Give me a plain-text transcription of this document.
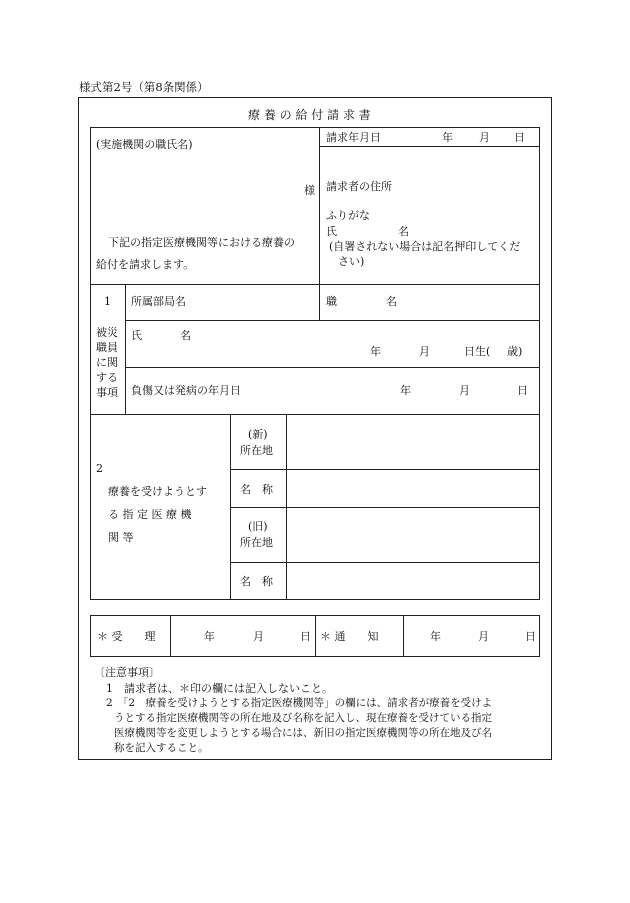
様式第2号（第8条関係）
療 養 の 給 付 請 求 書
(実施機関の職氏名)
様
下記の指定医療機関等における療養の
給付を請求します。
請求年月日	年 月 日
請求者の住所
ふりがな
氏	名
(自署されない場合は記名押印してくだ
さい)
1
被災
職員
に関
する
事項
所属部局名	職	名
氏	名
年	月	日生( 歳)
負傷又は発病の年月日	年	月	日
2
療養を受けようとす
る 指 定 医 療 機
関 等
(新)
所在地
名　称
(旧)
所在地
名　称
＊ 受　　理	年	月	日 ＊ 通　　知	年	月	日
〔注意事項〕
1　請求者は、＊印の欄には記入しないこと。
2　「2　療養を受けようとする指定医療機関等」の欄には、請求者が療養を受けよ
うとする指定医療機関等の所在地及び名称を記入し、現在療養を受けている指定
医療機関等を変更しようとする場合には、新旧の指定医療機関等の所在地及び名
称を記入すること。
